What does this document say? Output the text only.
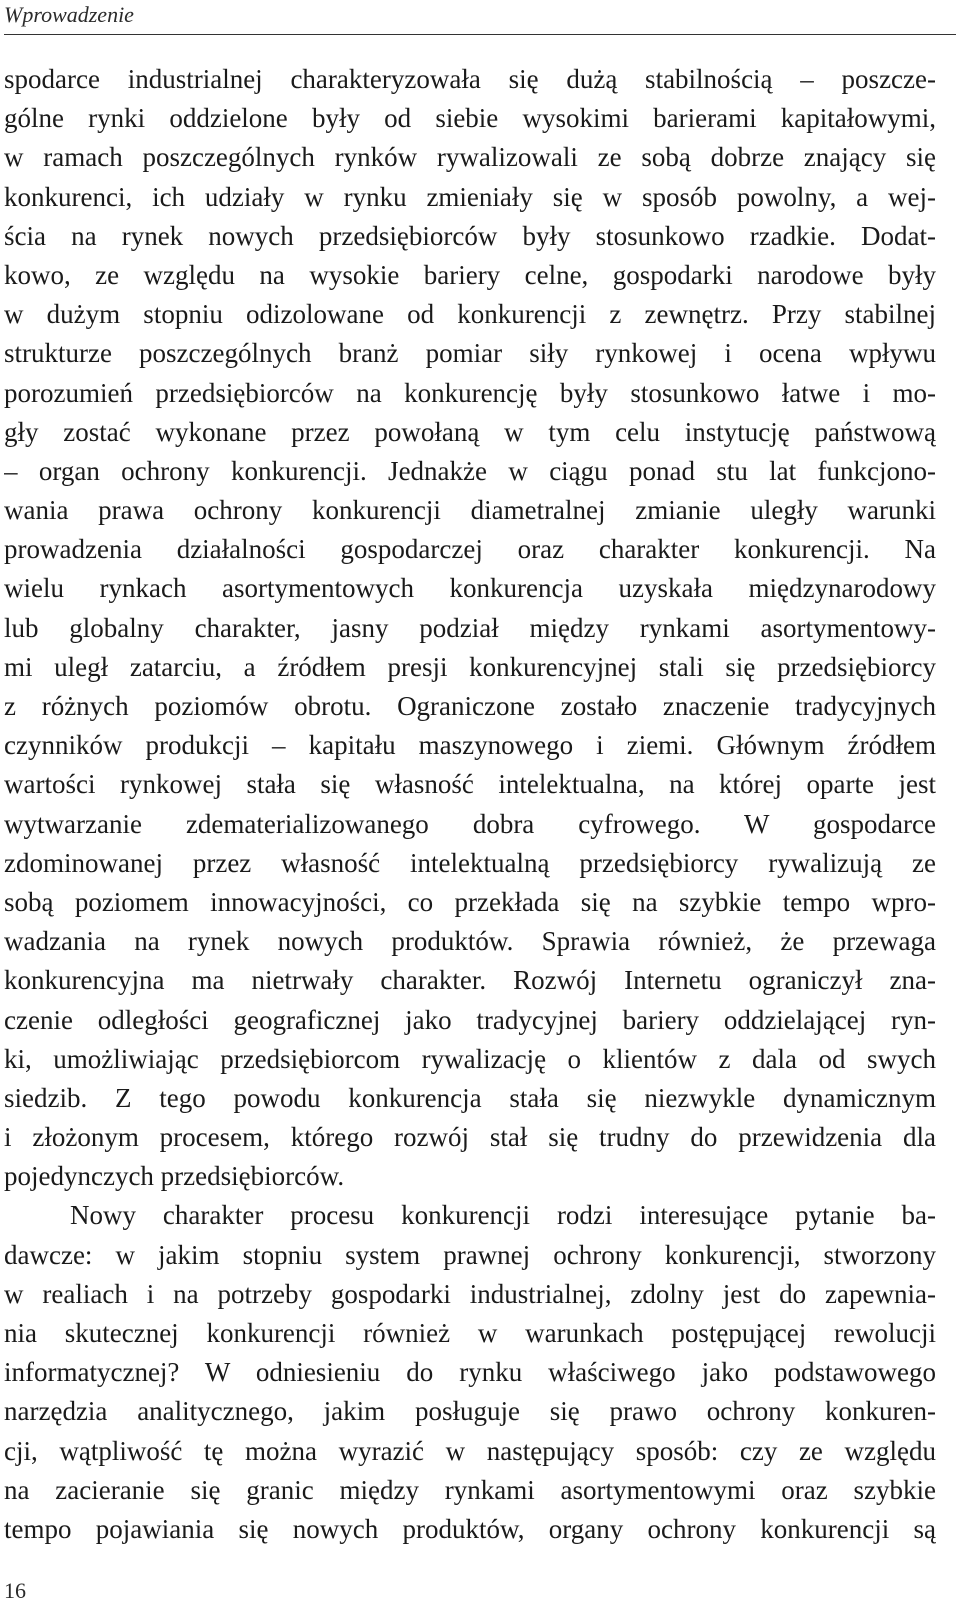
Wprowadzenie
spodarce industrialnej charakteryzowała się dużą stabilnością – poszcze-
gólne rynki oddzielone były od siebie wysokimi barierami kapitałowymi,
w ramach poszczególnych rynków rywalizowali ze sobą dobrze znający się
konkurenci, ich udziały w rynku zmieniały się w sposób powolny, a wej-
ścia na rynek nowych przedsiębiorców były stosunkowo rzadkie. Dodat-
kowo, ze względu na wysokie bariery celne, gospodarki narodowe były
w dużym stopniu odizolowane od konkurencji z zewnętrz. Przy stabilnej
strukturze poszczególnych branż pomiar siły rynkowej i ocena wpływu
porozumień przedsiębiorców na konkurencję były stosunkowo łatwe i mo-
gły zostać wykonane przez powołaną w tym celu instytucję państwową
– organ ochrony konkurencji. Jednakże w ciągu ponad stu lat funkcjono-
wania prawa ochrony konkurencji diametralnej zmianie uległy warunki
prowadzenia działalności gospodarczej oraz charakter konkurencji. Na
wielu rynkach asortymentowych konkurencja uzyskała międzynarodowy
lub globalny charakter, jasny podział między rynkami asortymentowy-
mi uległ zatarciu, a źródłem presji konkurencyjnej stali się przedsiębiorcy
z różnych poziomów obrotu. Ograniczone zostało znaczenie tradycyjnych
czynników produkcji – kapitału maszynowego i ziemi. Głównym źródłem
wartości rynkowej stała się własność intelektualna, na której oparte jest
wytwarzanie zdematerializowanego dobra cyfrowego. W gospodarce
zdominowanej przez własność intelektualną przedsiębiorcy rywalizują ze
sobą poziomem innowacyjności, co przekłada się na szybkie tempo wpro-
wadzania na rynek nowych produktów. Sprawia również, że przewaga
konkurencyjna ma nietrwały charakter. Rozwój Internetu ograniczył zna-
czenie odległości geograficznej jako tradycyjnej bariery oddzielającej ryn-
ki, umożliwiając przedsiębiorcom rywalizację o klientów z dala od swych
siedzib. Z tego powodu konkurencja stała się niezwykle dynamicznym
i złożonym procesem, którego rozwój stał się trudny do przewidzenia dla
pojedynczych przedsiębiorców.
Nowy charakter procesu konkurencji rodzi interesujące pytanie ba-
dawcze: w jakim stopniu system prawnej ochrony konkurencji, stworzony
w realiach i na potrzeby gospodarki industrialnej, zdolny jest do zapewnia-
nia skutecznej konkurencji również w warunkach postępującej rewolucji
informatycznej? W odniesieniu do rynku właściwego jako podstawowego
narzędzia analitycznego, jakim posługuje się prawo ochrony konkuren-
cji, wątpliwość tę można wyrazić w następujący sposób: czy ze względu
na zacieranie się granic między rynkami asortymentowymi oraz szybkie
tempo pojawiania się nowych produktów, organy ochrony konkurencji są
16
